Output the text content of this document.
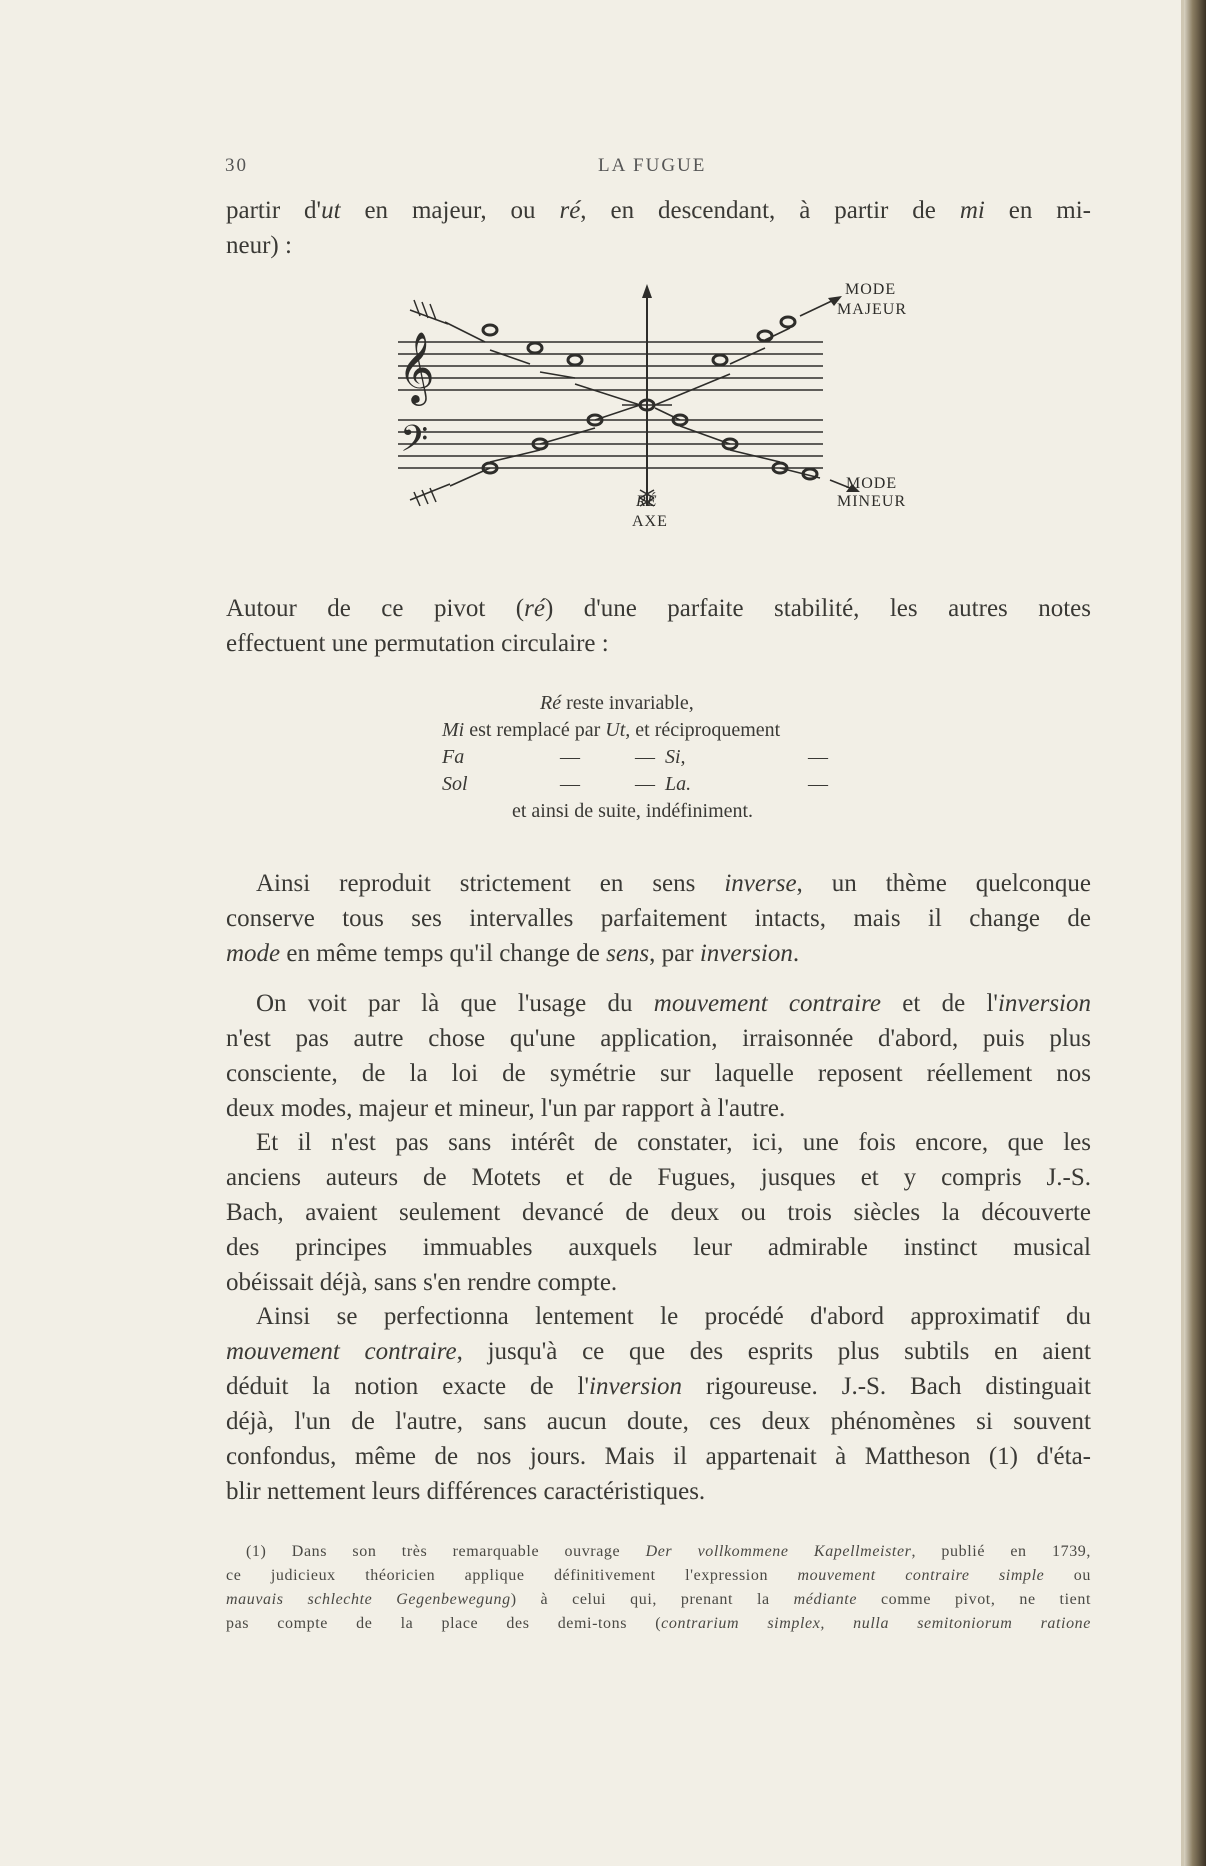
30	LA FUGUE
partir d'ut en majeur, ou ré, en descendant, à partir de mi en mi-
neur) :
𝄞
𝄢
MODE
MAJEUR
MODE
MINEUR
RÉ
AXE
Autour de ce pivot (ré) d'une parfaite stabilité, les autres notes
effectuent une permutation circulaire :
Ré reste invariable,
Mi est remplacé par Ut, et réciproquement
Fa	—	— Si,	—
Sol	—	— La.	—
et ainsi de suite, indéfiniment.
Ainsi reproduit strictement en sens inverse, un thème quelconque
conserve tous ses intervalles parfaitement intacts, mais il change de
mode en même temps qu'il change de sens, par inversion.
On voit par là que l'usage du mouvement contraire et de l'inversion
n'est pas autre chose qu'une application, irraisonnée d'abord, puis plus
consciente, de la loi de symétrie sur laquelle reposent réellement nos
deux modes, majeur et mineur, l'un par rapport à l'autre.
Et il n'est pas sans intérêt de constater, ici, une fois encore, que les
anciens auteurs de Motets et de Fugues, jusques et y compris J.-S.
Bach, avaient seulement devancé de deux ou trois siècles la découverte
des principes immuables auxquels leur admirable instinct musical
obéissait déjà, sans s'en rendre compte.
Ainsi se perfectionna lentement le procédé d'abord approximatif du
mouvement contraire, jusqu'à ce que des esprits plus subtils en aient
déduit la notion exacte de l'inversion rigoureuse. J.-S. Bach distinguait
déjà, l'un de l'autre, sans aucun doute, ces deux phénomènes si souvent
confondus, même de nos jours. Mais il appartenait à Mattheson (1) d'éta-
blir nettement leurs différences caractéristiques.
(1) Dans son très remarquable ouvrage Der vollkommene Kapellmeister, publié en 1739,
ce judicieux théoricien applique définitivement l'expression mouvement contraire simple ou
mauvais schlechte Gegenbewegung) à celui qui, prenant la médiante comme pivot, ne tient
pas compte de la place des demi-tons (contrarium simplex, nulla semitoniorum ratione
